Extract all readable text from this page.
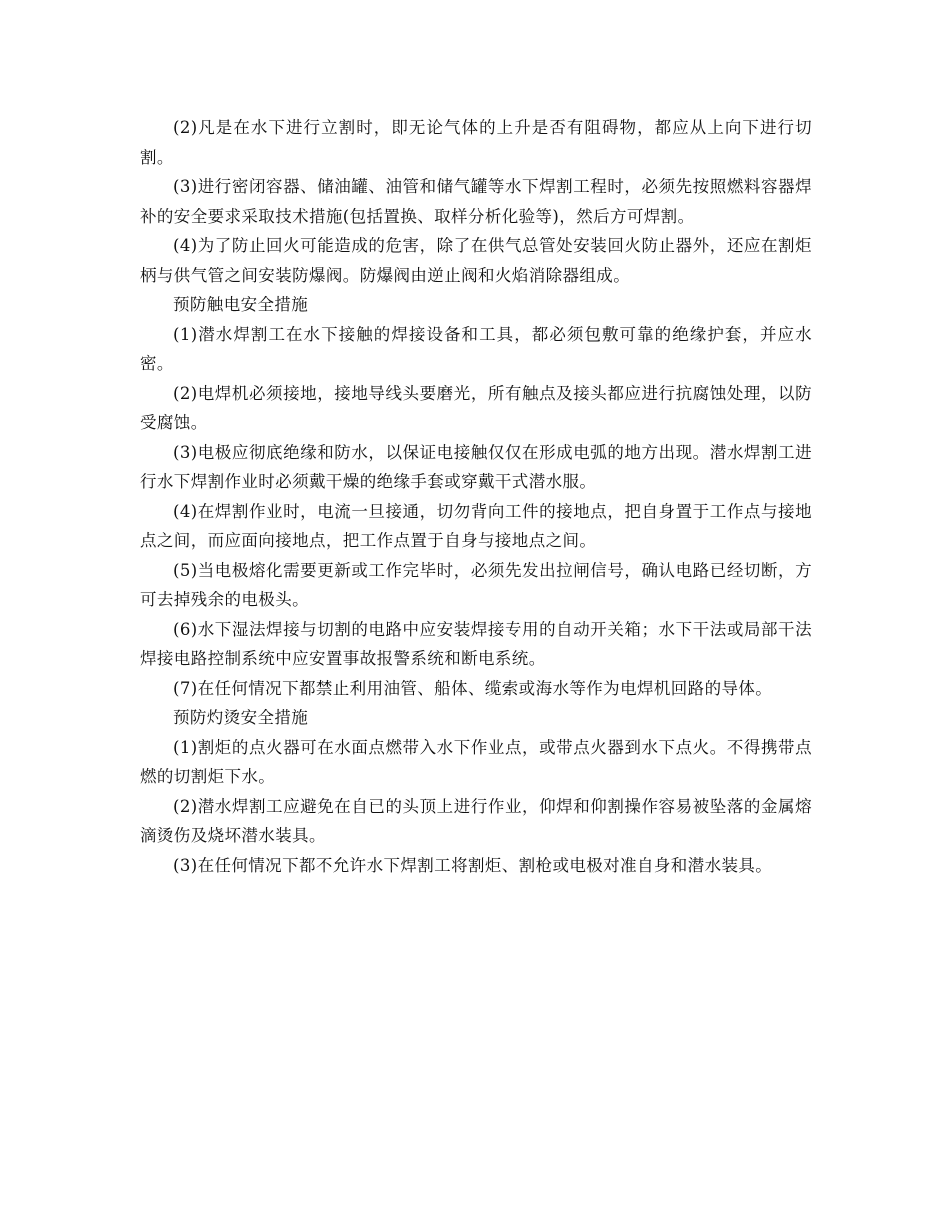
(2)凡是在水下进行立割时，即无论气体的上升是否有阻碍物，都应从上向下进行切割。

(3)进行密闭容器、储油罐、油管和储气罐等水下焊割工程时，必须先按照燃料容器焊补的安全要求采取技术措施(包括置换、取样分析化验等)，然后方可焊割。

(4)为了防止回火可能造成的危害，除了在供气总管处安装回火防止器外，还应在割炬柄与供气管之间安装防爆阀。防爆阀由逆止阀和火焰消除器组成。

预防触电安全措施

(1)潜水焊割工在水下接触的焊接设备和工具，都必须包敷可靠的绝缘护套，并应水密。

(2)电焊机必须接地，接地导线头要磨光，所有触点及接头都应进行抗腐蚀处理，以防受腐蚀。

(3)电极应彻底绝缘和防水，以保证电接触仅仅在形成电弧的地方出现。潜水焊割工进行水下焊割作业时必须戴干燥的绝缘手套或穿戴干式潜水服。

(4)在焊割作业时，电流一旦接通，切勿背向工件的接地点，把自身置于工作点与接地点之间，而应面向接地点，把工作点置于自身与接地点之间。

(5)当电极熔化需要更新或工作完毕时，必须先发出拉闸信号，确认电路已经切断，方可去掉残余的电极头。

(6)水下湿法焊接与切割的电路中应安装焊接专用的自动开关箱；水下干法或局部干法焊接电路控制系统中应安置事故报警系统和断电系统。

(7)在任何情况下都禁止利用油管、船体、缆索或海水等作为电焊机回路的导体。

预防灼烫安全措施

(1)割炬的点火器可在水面点燃带入水下作业点，或带点火器到水下点火。不得携带点燃的切割炬下水。

(2)潜水焊割工应避免在自已的头顶上进行作业，仰焊和仰割操作容易被坠落的金属熔滴烫伤及烧坏潜水装具。

(3)在任何情况下都不允许水下焊割工将割炬、割枪或电极对准自身和潜水装具。
